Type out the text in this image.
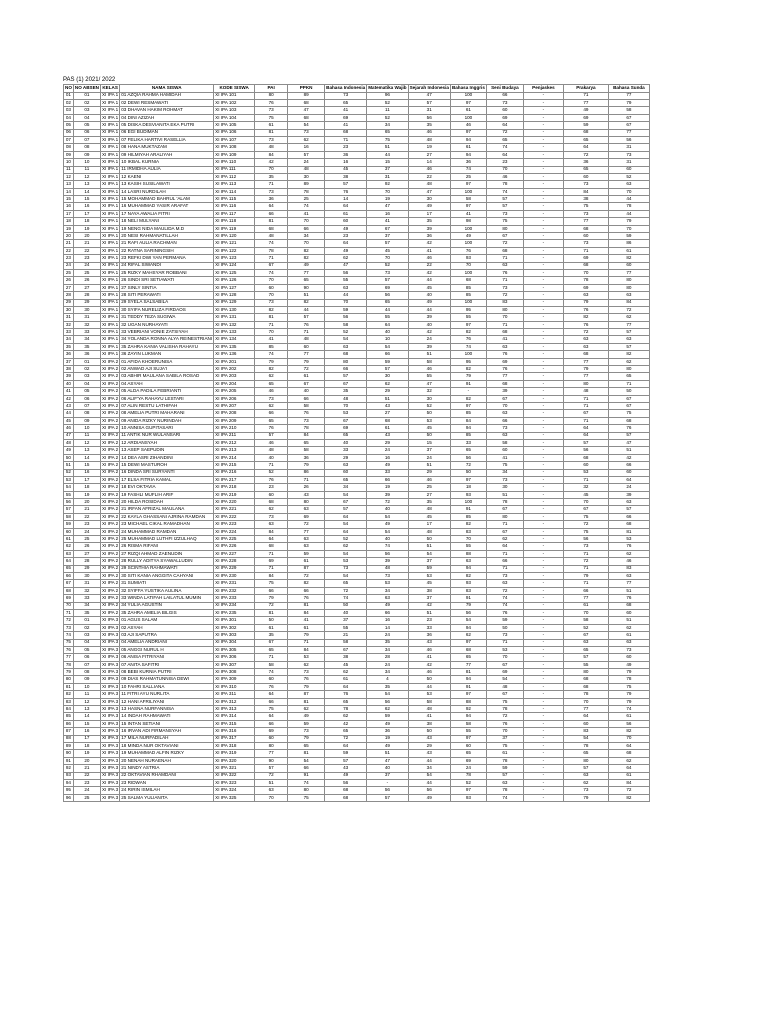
PAS (1) 2021/ 2022
NO	NO ABSEN	KELAS	NAMA SISWA	KODE SISWA	PAI	PPKN	Bahasa Indonesia	Matematika Wajib	Sejarah Indonesia	Bahasa Inggris	Seni Budaya	Penjaskes	Prakarya	Bahasa Sunda
01	01	XI IPA 1	01 AZQIA RAHMA HAMIDAH	XI IPA 101	80	89	73	96	47	100	66	-	71	77
02	02	XI IPA 1	02 DEWI RESMAWATI	XI IPA 102	76	68	65	52	57	97	73	-	77	79
03	03	XI IPA 1	03 DHAVAN HAKIM ROHMAT	XI IPA 103	73	47	41	11	31	61	60	-	49	58
04	04	XI IPA 1	04 DINI AZIZAH	XI IPA 104	75	68	69	52	56	100	69	-	69	67
05	05	XI IPA 1	05 DISKA DESVIANITA EKA PUTRI	XI IPA 105	61	54	41	34	35	46	64	-	59	67
06	06	XI IPA 1	06 EGI BUDIMAN	XI IPA 106	81	73	68	65	46	97	72	-	68	77
07	07	XI IPA 1	07 FELIKA HARTIVI RASELLIA	XI IPA 107	73	62	71	75	48	94	65	-	65	56
08	08	XI IPA 1	08 HANA MUKTAZAM	XI IPA 108	48	16	23	51	19	61	74	-	64	31
09	09	XI IPA 1	09 HILMIYAH ARALIYAH	XI IPA 109	84	57	36	44	27	94	64	-	72	73
10	10	XI IPA 1	10 IKBAL KURNIA	XI IPA 110	42	24	16	15	14	36	23	-	36	31
11	11	XI IPA 1	11 IRMIDHA AULIA	XI IPA 111	70	48	45	37	46	74	70	-	65	60
12	12	XI IPA 1	12 KAENI	XI IPA 112	35	30	38	31	22	25	46	-	60	52
13	13	XI IPA 1	13 KASIH SUSILAWATI	XI IPA 113	71	89	57	92	48	97	78	-	73	63
14	14	XI IPA 1	14 LASRI NURDILAH	XI IPA 114	73	78	76	70	47	100	74	-	84	70
15	15	XI IPA 1	15 MOHAMMAD BAHRUL 'ALAM	XI IPA 115	36	25	14	19	30	58	57	-	38	44
16	16	XI IPA 1	16 MUHAMMAD YASIR ARAFAT	XI IPA 116	64	74	64	47	49	97	57	-	75	78
17	17	XI IPA 1	17 NAYA AWALIA FITRI	XI IPA 117	66	41	61	16	17	41	73	-	73	44
18	18	XI IPA 1	18 NELI MULYANI	XI IPA 118	81	70	60	41	35	98	75	-	77	79
19	19	XI IPA 1	19 NENG NIDA MAULIDA M.D	XI IPA 119	68	66	49	67	39	100	80	-	68	70
20	20	XI IPA 1	20 NESI RAHMANATILLAH	XI IPA 120	48	34	23	37	36	49	67	-	60	59
21	21	XI IPA 1	21 RAFI AULIA RACHMAN	XI IPA 121	74	70	64	57	42	100	72	-	73	86
22	22	XI IPA 1	22 RATNA SARININGSIH	XI IPA 122	78	82	49	45	41	76	68	-	71	61
23	23	XI IPA 1	23 REFKI DWI YAN PERMANA	XI IPA 123	71	82	62	70	46	93	71	-	69	82
24	24	XI IPA 1	24 RIFAL SIWANDI	XI IPA 124	67	49	47	52	22	70	63	-	68	60
25	25	XI IPA 1	25 RIZKY MAHSYAR ROBBANI	XI IPA 125	74	77	56	73	42	100	76	-	70	77
26	26	XI IPA 1	26 SINDI SRI SETIAWATI	XI IPA 126	70	65	55	57	44	68	71	-	78	80
27	27	XI IPA 1	27 SINLY SINTIA	XI IPA 127	60	90	63	69	45	85	73	-	69	80
28	28	XI IPA 1	28 SITI PERAWATI	XI IPA 128	70	51	44	56	40	85	72	-	63	63
29	29	XI IPA 1	29 SYELA SALSABILA	XI IPA 129	73	82	70	65	49	100	83	-	79	84
30	30	XI IPA 1	30 SYIFA NURELIZA FIRDAOS	XI IPA 130	82	44	59	44	44	95	80	-	76	72
31	31	XI IPA 1	31 TEDDY TEZA SUGIWA	XI IPA 131	81	57	56	55	39	55	70	-	82	62
32	32	XI IPA 1	32 UGAN NURHAYATI	XI IPA 132	71	76	58	64	40	97	71	-	76	77
33	33	XI IPA 1	33 VEBRIANI VONIE ZATSIYAH	XI IPA 133	70	71	52	40	42	82	68	-	72	57
34	34	XI IPA 1	34 YOLANDA RONNA ALYA REINESTRIANI	XI IPA 134	41	48	54	10	24	76	41	-	63	63
35	35	XI IPA 1	35 ZAHRA KANIA VALISHA RAHAYU	XI IPA 135	85	60	63	54	39	74	63	-	63	57
36	36	XI IPA 1	36 ZAYIN LUKMAN	XI IPA 136	74	77	68	66	51	100	76	-	68	82
37	01	XI IPA 2	01 AFIDA KHOERUNISA	XI IPA 201	79	79	80	59	58	95	69	-	77	62
38	02	XI IPA 2	02 ANWAD AJI SUJA'I	XI IPA 202	82	72	66	57	46	82	76	-	79	80
39	03	XI IPA 2	03 ABHIR MAULANA SABILA ROSAD	XI IPA 203	62	61	57	30	55	79	77	-	77	65
40	04	XI IPA 2	04 ASYAH	XI IPA 204	65	67	67	62	47	91	68	-	80	71
41	05	XI IPA 2	05 ALDA PADILA FEBRIANTI	XI IPA 205	46	40	35	29	32	-	39	-	48	50
42	06	XI IPA 2	06 ALIF'YA RAHAYU LESTARI	XI IPA 206	73	66	48	51	30	82	67	-	71	67
43	07	XI IPA 2	07 ALIN RESTU LATHIFAH	XI IPA 207	62	58	70	43	52	97	70	-	71	67
44	08	XI IPA 2	08 AMELIA PUTRI MAHARANI	XI IPA 208	66	76	53	27	50	85	63	-	67	75
45	09	XI IPA 2	09 ANIDA RIZKY NURINDAH	XI IPA 209	65	73	67	68	53	84	66	-	71	68
46	10	XI IPA 2	10 ANNISA GUPITASARI	XI IPA 210	76	78	69	61	45	94	73	-	64	76
47	11	XI IPA 2	11 ANTIK NUR WULANSARI	XI IPA 211	57	84	65	43	50	85	63	-	64	57
48	12	XI IPA 2	12 ARDIANSYAH	XI IPA 212	46	65	40	29	15	33	58	-	57	47
49	13	XI IPA 2	13 ASEP SAEPUDIN	XI IPA 213	48	58	33	24	37	65	60	-	56	51
50	14	XI IPA 2	14 DEA ASRI ZIHANDINI	XI IPA 214	40	36	29	16	24	56	41	-	68	42
51	15	XI IPA 2	15 DEWI MASTUROH	XI IPA 215	71	79	63	49	51	72	75	-	60	66
52	16	XI IPA 2	16 DINDA SRI SURYANTI	XI IPA 216	52	86	60	33	29	50	34	-	53	60
53	17	XI IPA 2	17 ELSA FITRIA KAMAL	XI IPA 217	76	71	65	66	46	97	73	-	71	64
54	18	XI IPA 2	18 EVI OKTAVIA	XI IPA 218	23	26	34	19	25	18	30	-	32	24
55	19	XI IPA 2	19 FASHLI MUFLIH ARIF	XI IPA 219	60	43	54	39	27	93	51	-	45	39
56	20	XI IPA 2	20 HILDA ROSIDAH	XI IPA 220	68	80	67	72	35	100	78	-	70	63
57	21	XI IPA 2	21 IRFAN AFRIZAL MAULANA	XI IPA 221	62	63	57	40	48	91	67	-	67	57
58	22	XI IPA 2	22 KAYLA GHASSANI AJRINA RAMDAN	XI IPA 222	73	69	64	54	45	85	80	-	75	66
59	23	XI IPA 2	23 MICHAEL CIKAL RAMADHAN	XI IPA 223	63	72	54	49	17	82	71	-	72	68
60	24	XI IPA 2	24 MUHAMMAD RAMDAN	XI IPA 224	84	77	64	54	48	83	67	-	75	81
61	25	XI IPA 2	25 MUHAMMAD LUTHFI IZZULHAQ	XI IPA 225	64	63	52	40	50	70	62	-	56	53
62	26	XI IPA 2	26 RISMA RIFANI	XI IPA 226	68	63	62	74	51	55	64	-	73	76
63	27	XI IPA 2	27 RIZQI AHMAD ZAENUDIN	XI IPA 227	71	59	54	56	54	88	71	-	71	62
64	28	XI IPA 2	28 RULLY ADITYA SYAWALLUDIN	XI IPA 228	69	61	53	39	37	63	66	-	72	46
65	29	XI IPA 2	29 SCINTHIA RAHMAWATI	XI IPA 229	71	87	73	48	59	94	71	-	71	83
66	30	XI IPA 2	30 SITI KANIA ANGGITA CAHYANI	XI IPA 230	84	72	54	73	53	82	73	-	79	63
67	31	XI IPA 2	31 SUMIATI	XI IPA 231	75	82	65	53	45	93	63	-	71	77
68	32	XI IPA 2	32 SYIFFA YUSTIKA AULINA	XI IPA 232	66	66	72	34	38	83	72	-	66	51
69	33	XI IPA 2	33 WINDA LATIFAH LAILATUL MUMIN	XI IPA 233	79	76	74	63	37	91	74	-	77	76
70	34	XI IPA 2	34 YULIA AGUSTIN	XI IPA 234	72	81	50	49	42	79	74	-	61	68
71	35	XI IPA 2	35 ZAHRA AMELIA BILGIS	XI IPA 235	81	84	40	66	51	56	76	-	70	60
72	01	XI IPA 3	01 AGUS SALAM	XI IPA 301	50	41	37	16	23	54	59	-	58	51
73	02	XI IPA 3	02 ASYAH	XI IPA 302	61	61	55	14	33	94	50	-	52	62
74	03	XI IPA 3	03 AJI SAPUTRA	XI IPA 303	35	79	21	24	36	62	73	-	67	61
75	04	XI IPA 3	04 AMELIA ANDRIANI	XI IPA 304	67	71	58	35	43	97	71	-	63	63
76	05	XI IPA 3	05 ANGGI NURUL H	XI IPA 305	65	84	67	34	46	68	53	-	65	73
77	06	XI IPA 3	06 ANISA FITRIYANI	XI IPA 306	71	53	38	28	41	65	70	-	57	60
78	07	XI IPA 3	07 ANITA SAFITRI	XI IPA 307	58	62	45	24	42	77	67	-	55	49
79	08	XI IPA 3	08 BEBI KURNIA PUTRI	XI IPA 308	74	73	62	34	46	81	69	-	80	79
80	09	XI IPA 3	09 DIAS RAHMATUNNISA DEWI	XI IPA 309	60	76	61	4	50	94	54	-	68	78
81	10	XI IPA 3	10 FAHRI SALLIANA	XI IPA 310	76	79	64	35	44	91	48	-	68	75
82	11	XI IPA 3	11 FITRI AYU NURLITA	XI IPA 311	64	87	76	54	53	97	67	-	78	79
83	12	XI IPA 3	12 HANI AFRILIYANI	XI IPA 312	66	81	65	56	58	88	75	-	70	79
84	13	XI IPA 3	13 HASNA NURFANNISA	XI IPA 313	75	62	78	62	48	92	78	-	77	74
85	14	XI IPA 3	14 INDAH RAHMAWATI	XI IPA 314	64	49	62	59	41	94	72	-	64	61
86	15	XI IPA 3	15 INTAN SETIANI	XI IPA 315	66	59	42	49	38	58	76	-	60	56
87	16	XI IPA 3	16 IRVAN ADI FIRMANSYAH	XI IPA 316	69	73	65	36	50	55	70	-	83	82
88	17	XI IPA 3	17 MILA NURFADILAH	XI IPA 317	60	79	72	19	43	97	37	-	54	70
89	18	XI IPA 3	18 MINDA NUR OKTAVIANI	XI IPA 318	80	65	64	49	29	60	75	-	78	64
90	19	XI IPA 3	19 MUHAMMAD ALFIN RIZKY	XI IPA 319	77	81	59	51	43	65	61	-	65	68
91	20	XI IPA 3	20 NENAH NURAENAH	XI IPA 320	90	54	57	47	44	69	78	-	80	62
92	21	XI IPA 3	21 NINDY ASTRIA	XI IPA 321	57	66	43	40	34	24	59	-	57	64
93	22	XI IPA 3	22 OKTAVIAN RHAMDANI	XI IPA 322	72	91	49	37	54	78	57	-	63	61
94	23	XI IPA 3	23 RIDWAN	XI IPA 323	51	74	56	-	44	52	63	-	62	84
95	24	XI IPA 3	24 RIRIN ISMILAH	XI IPA 324	63	80	68	56	56	97	78	-	73	72
96	25	XI IPA 3	25 SALMA YULIANITA	XI IPA 325	70	75	68	57	49	93	74	-	79	82
